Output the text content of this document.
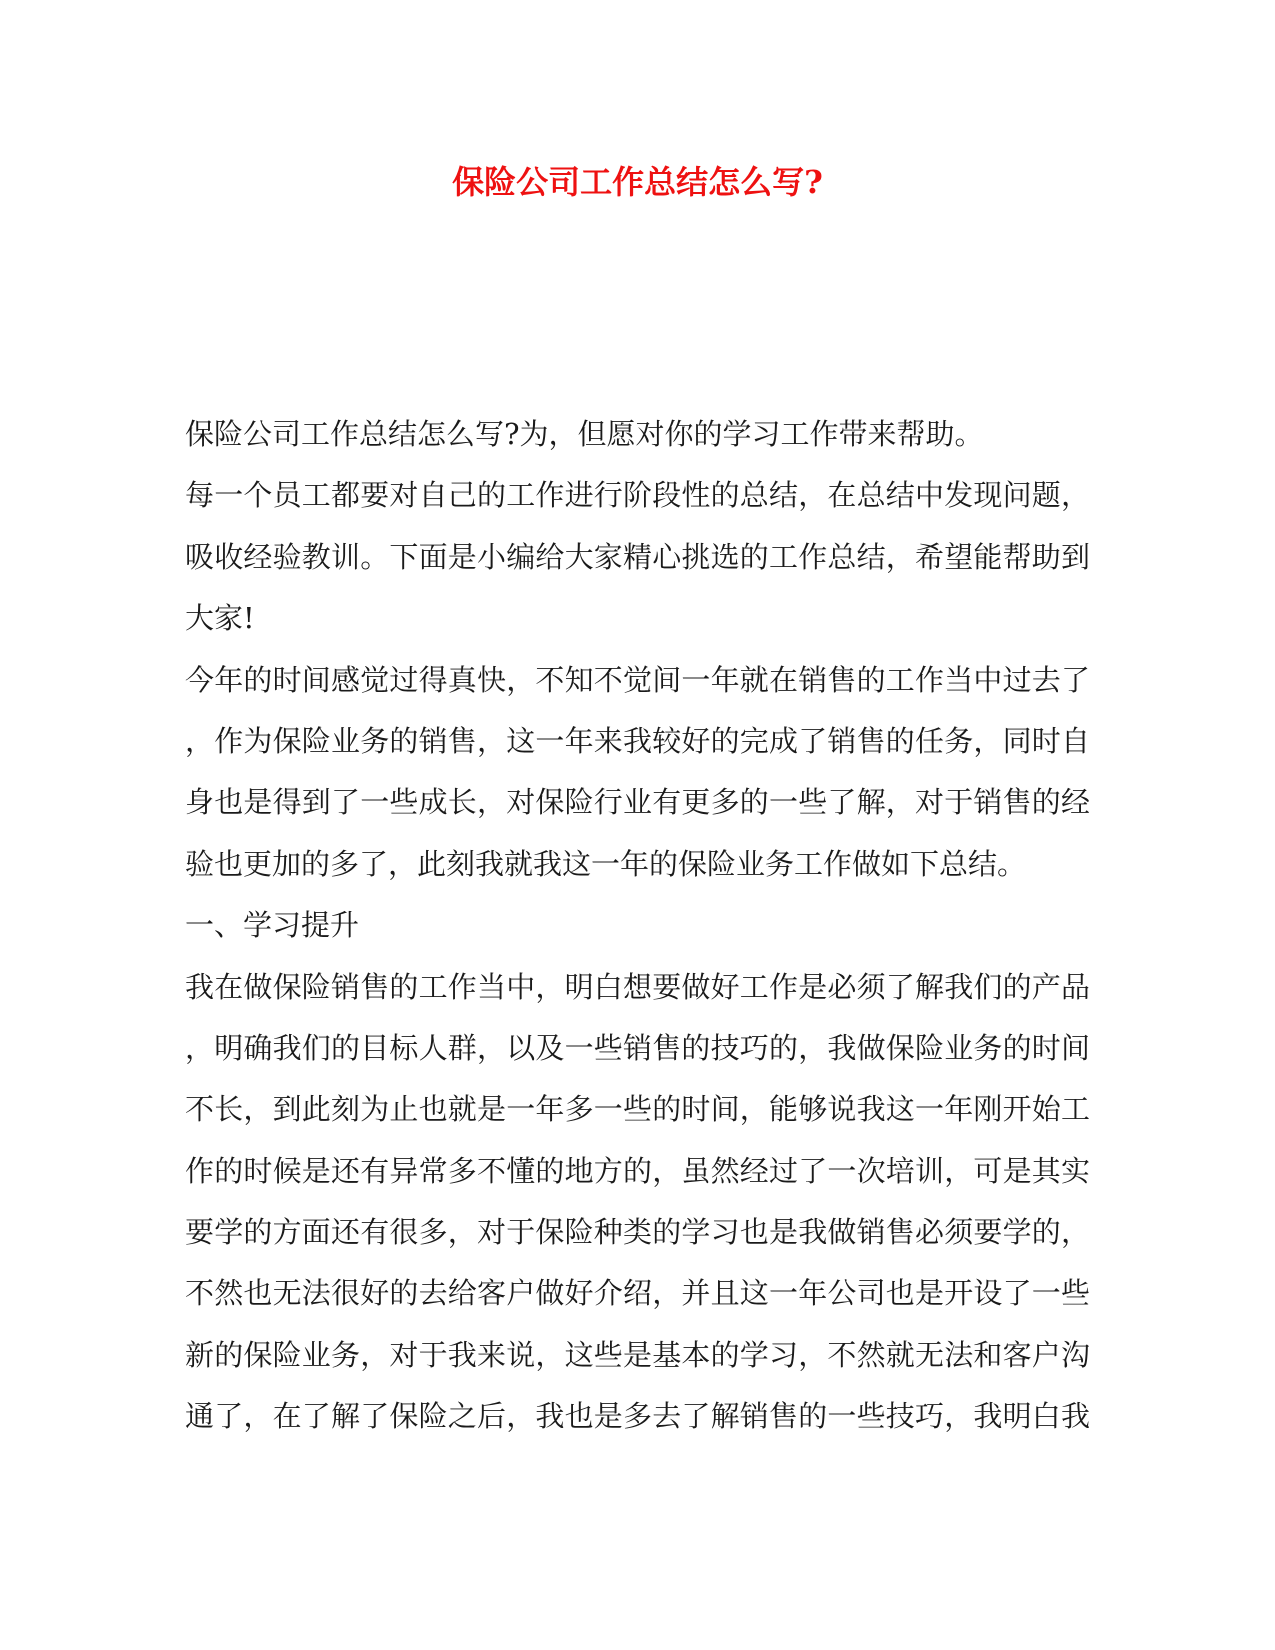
保险公司工作总结怎么写?
保险公司工作总结怎么写?为，但愿对你的学习工作带来帮助。
每一个员工都要对自己的工作进行阶段性的总结，在总结中发现问题，
吸收经验教训。下面是小编给大家精心挑选的工作总结，希望能帮助到
大家!
今年的时间感觉过得真快，不知不觉间一年就在销售的工作当中过去了
，作为保险业务的销售，这一年来我较好的完成了销售的任务，同时自
身也是得到了一些成长，对保险行业有更多的一些了解，对于销售的经
验也更加的多了，此刻我就我这一年的保险业务工作做如下总结。
一、学习提升
我在做保险销售的工作当中，明白想要做好工作是必须了解我们的产品
，明确我们的目标人群，以及一些销售的技巧的，我做保险业务的时间
不长，到此刻为止也就是一年多一些的时间，能够说我这一年刚开始工
作的时候是还有异常多不懂的地方的，虽然经过了一次培训，可是其实
要学的方面还有很多，对于保险种类的学习也是我做销售必须要学的，
不然也无法很好的去给客户做好介绍，并且这一年公司也是开设了一些
新的保险业务，对于我来说，这些是基本的学习，不然就无法和客户沟
通了，在了解了保险之后，我也是多去了解销售的一些技巧，我明白我
